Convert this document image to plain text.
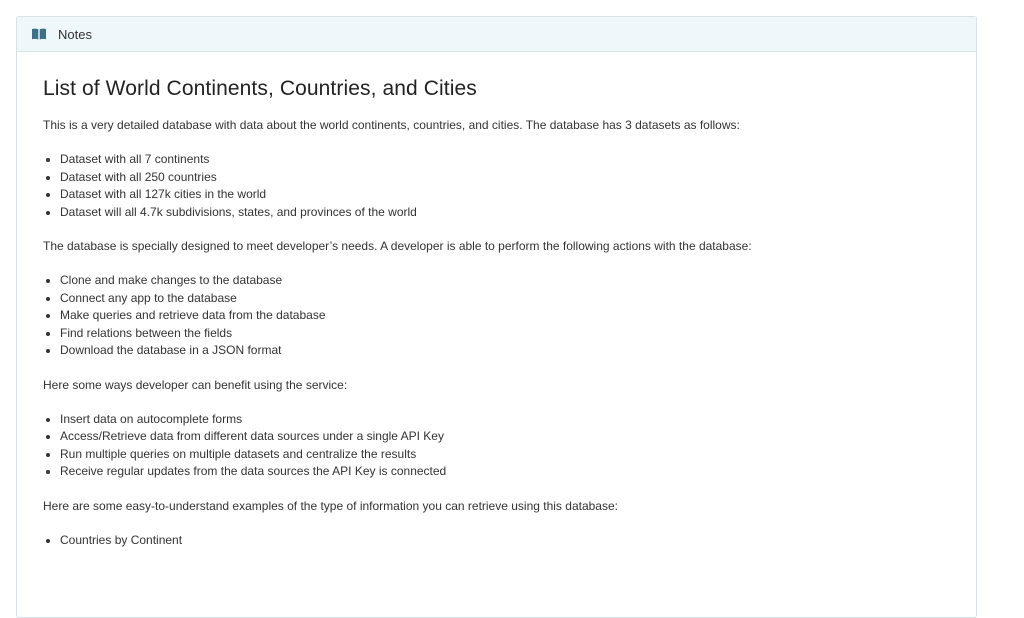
Notes
List of World Continents, Countries, and Cities

This is a very detailed database with data about the world continents, countries, and cities. The database has 3 datasets as follows:

• Dataset with all 7 continents
• Dataset with all 250 countries
• Dataset with all 127k cities in the world
• Dataset will all 4.7k subdivisions, states, and provinces of the world

The database is specially designed to meet developer’s needs. A developer is able to perform the following actions with the database:

• Clone and make changes to the database
• Connect any app to the database
• Make queries and retrieve data from the database
• Find relations between the fields
• Download the database in a JSON format

Here some ways developer can benefit using the service:

• Insert data on autocomplete forms
• Access/Retrieve data from different data sources under a single API Key
• Run multiple queries on multiple datasets and centralize the results
• Receive regular updates from the data sources the API Key is connected

Here are some easy-to-understand examples of the type of information you can retrieve using this database:

• Countries by Continent
